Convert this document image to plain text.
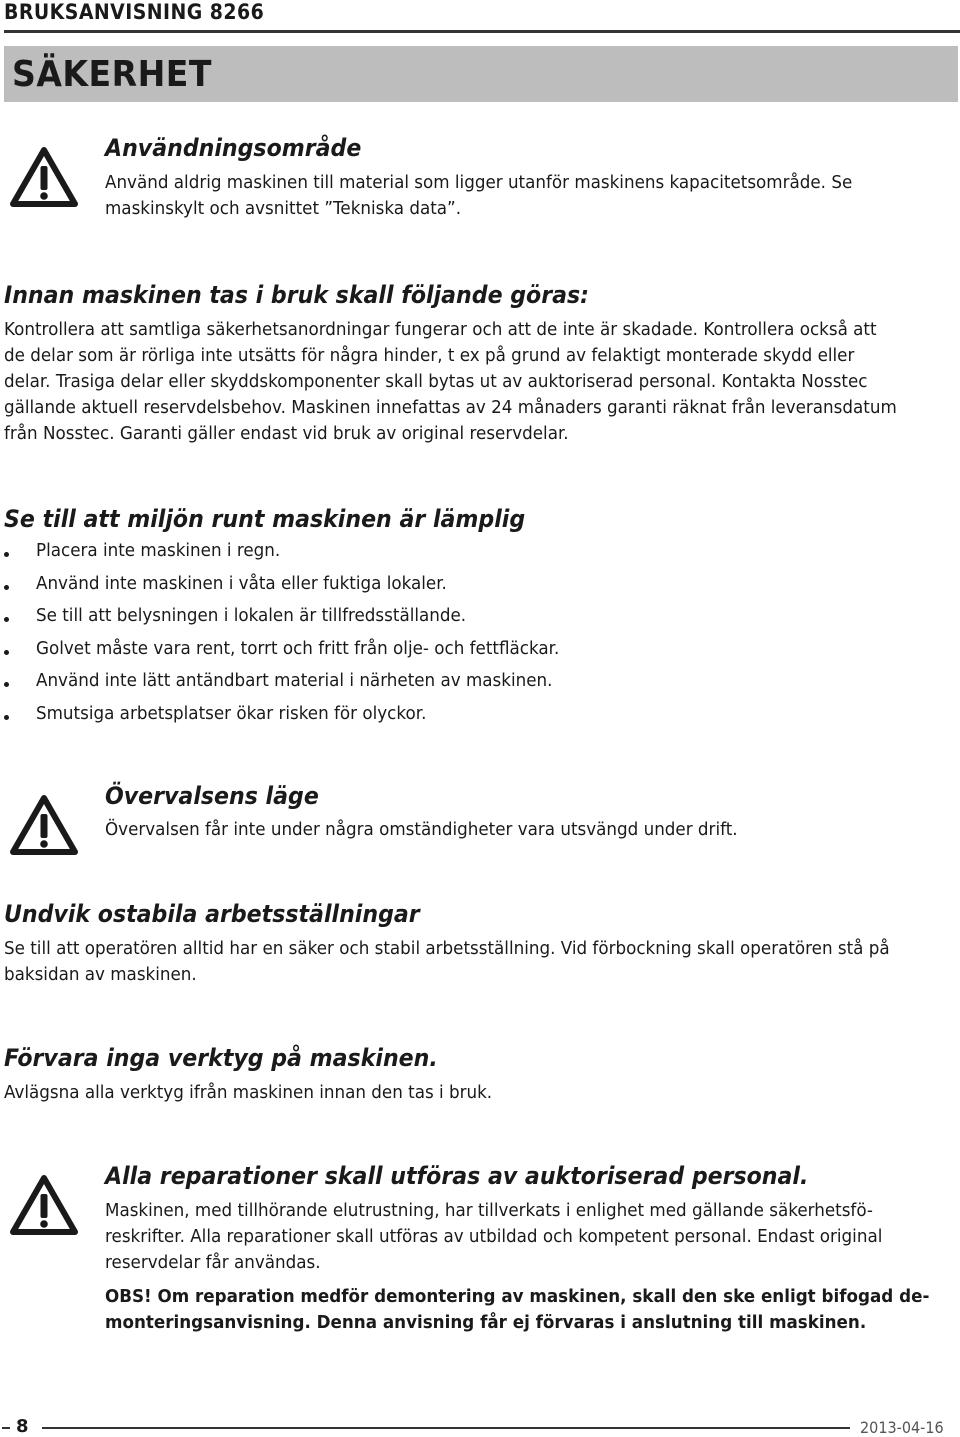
BRUKSANVISNING 8266
SÄKERHET
Användningsområde
Använd aldrig maskinen till material som ligger utanför maskinens kapacitetsområde. Se
maskinskylt och avsnittet ”Tekniska data”.
Innan maskinen tas i bruk skall följande göras:
Kontrollera att samtliga säkerhetsanordningar fungerar och att de inte är skadade. Kontrollera också att
de delar som är rörliga inte utsätts för några hinder, t ex på grund av felaktigt monterade skydd eller
delar. Trasiga delar eller skyddskomponenter skall bytas ut av auktoriserad personal. Kontakta Nosstec
gällande aktuell reservdelsbehov. Maskinen innefattas av 24 månaders garanti räknat från leveransdatum
från Nosstec. Garanti gäller endast vid bruk av original reservdelar.
Se till att miljön runt maskinen är lämplig
Placera inte maskinen i regn.
Använd inte maskinen i våta eller fuktiga lokaler.
Se till att belysningen i lokalen är tillfredsställande.
Golvet måste vara rent, torrt och fritt från olje- och fettfläckar.
Använd inte lätt antändbart material i närheten av maskinen.
Smutsiga arbetsplatser ökar risken för olyckor.
Övervalsens läge
Övervalsen får inte under några omständigheter vara utsvängd under drift.
Undvik ostabila arbetsställningar
Se till att operatören alltid har en säker och stabil arbetsställning. Vid förbockning skall operatören stå på
baksidan av maskinen.
Förvara inga verktyg på maskinen.
Avlägsna alla verktyg ifrån maskinen innan den tas i bruk.
Alla reparationer skall utföras av auktoriserad personal.
Maskinen, med tillhörande elutrustning, har tillverkats i enlighet med gällande säkerhetsfö-
reskrifter. Alla reparationer skall utföras av utbildad och kompetent personal. Endast original
reservdelar får användas.
OBS! Om reparation medför demontering av maskinen, skall den ske enligt bifogad de-
monteringsanvisning. Denna anvisning får ej förvaras i anslutning till maskinen.
8	2013-04-16
